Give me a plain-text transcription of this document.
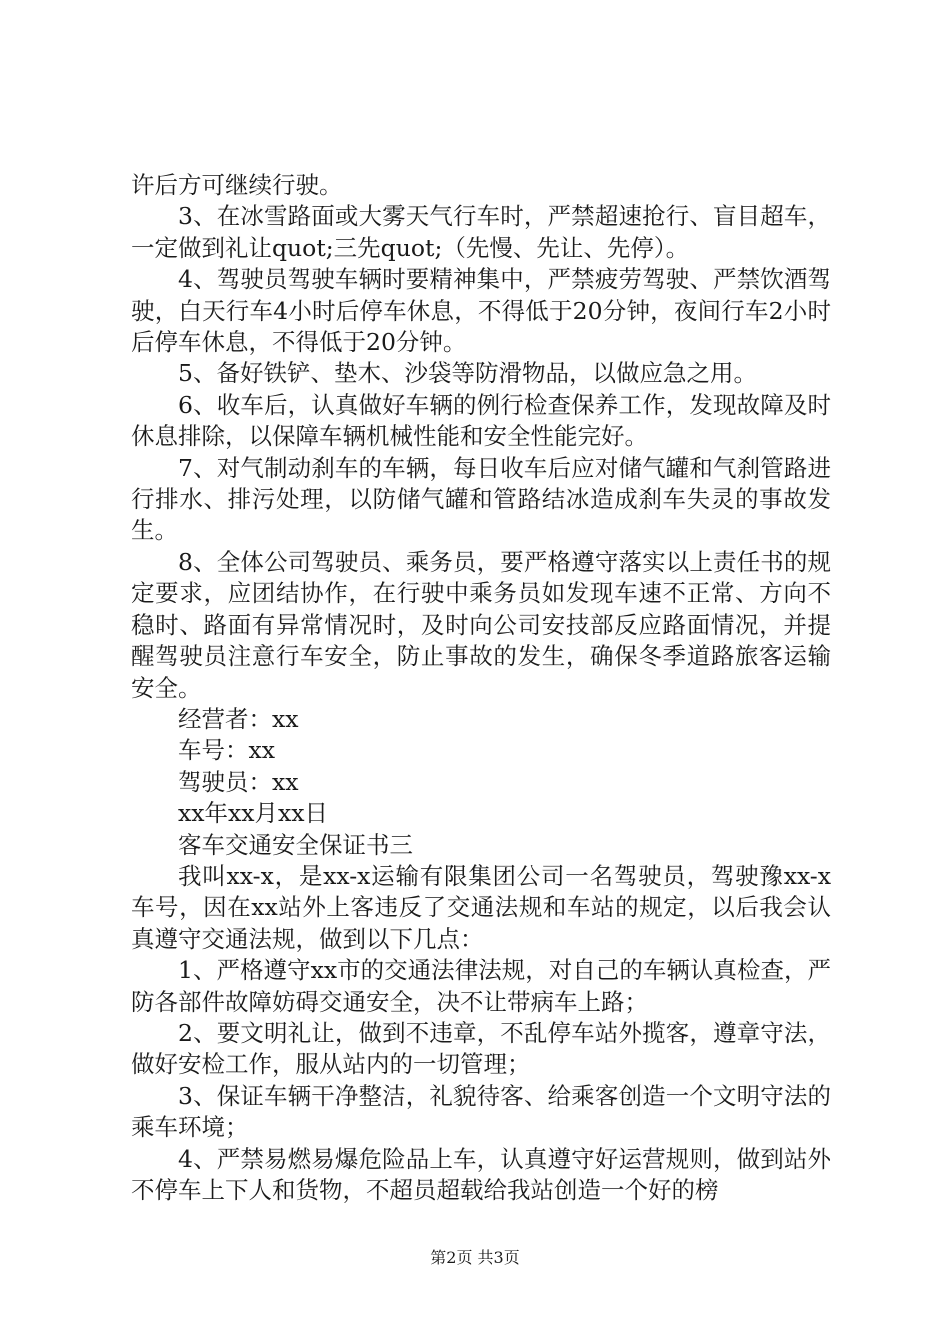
许后方可继续行驶。

3、在冰雪路面或大雾天气行车时，严禁超速抢行、盲目超车，一定做到礼让quot;三先quot;（先慢、先让、先停）。

4、驾驶员驾驶车辆时要精神集中，严禁疲劳驾驶、严禁饮酒驾驶，白天行车4小时后停车休息，不得低于20分钟，夜间行车2小时后停车休息，不得低于20分钟。

5、备好铁铲、垫木、沙袋等防滑物品，以做应急之用。

6、收车后，认真做好车辆的例行检查保养工作，发现故障及时休息排除，以保障车辆机械性能和安全性能完好。

7、对气制动刹车的车辆，每日收车后应对储气罐和气刹管路进行排水、排污处理，以防储气罐和管路结冰造成刹车失灵的事故发生。

8、全体公司驾驶员、乘务员，要严格遵守落实以上责任书的规定要求，应团结协作，在行驶中乘务员如发现车速不正常、方向不稳时、路面有异常情况时，及时向公司安技部反应路面情况，并提醒驾驶员注意行车安全，防止事故的发生，确保冬季道路旅客运输安全。

经营者：xx

车号：xx

驾驶员：xx

xx年xx月xx日

客车交通安全保证书三

我叫xx-x，是xx-x运输有限集团公司一名驾驶员，驾驶豫xx-x车号，因在xx站外上客违反了交通法规和车站的规定，以后我会认真遵守交通法规，做到以下几点：

1、严格遵守xx市的交通法律法规，对自己的车辆认真检查，严防各部件故障妨碍交通安全，决不让带病车上路；

2、要文明礼让，做到不违章，不乱停车站外揽客，遵章守法，做好安检工作，服从站内的一切管理；

3、保证车辆干净整洁，礼貌待客、给乘客创造一个文明守法的乘车环境；

4、严禁易燃易爆危险品上车，认真遵守好运营规则，做到站外不停车上下人和货物，不超员超载给我站创造一个好的榜

第2页 共3页
